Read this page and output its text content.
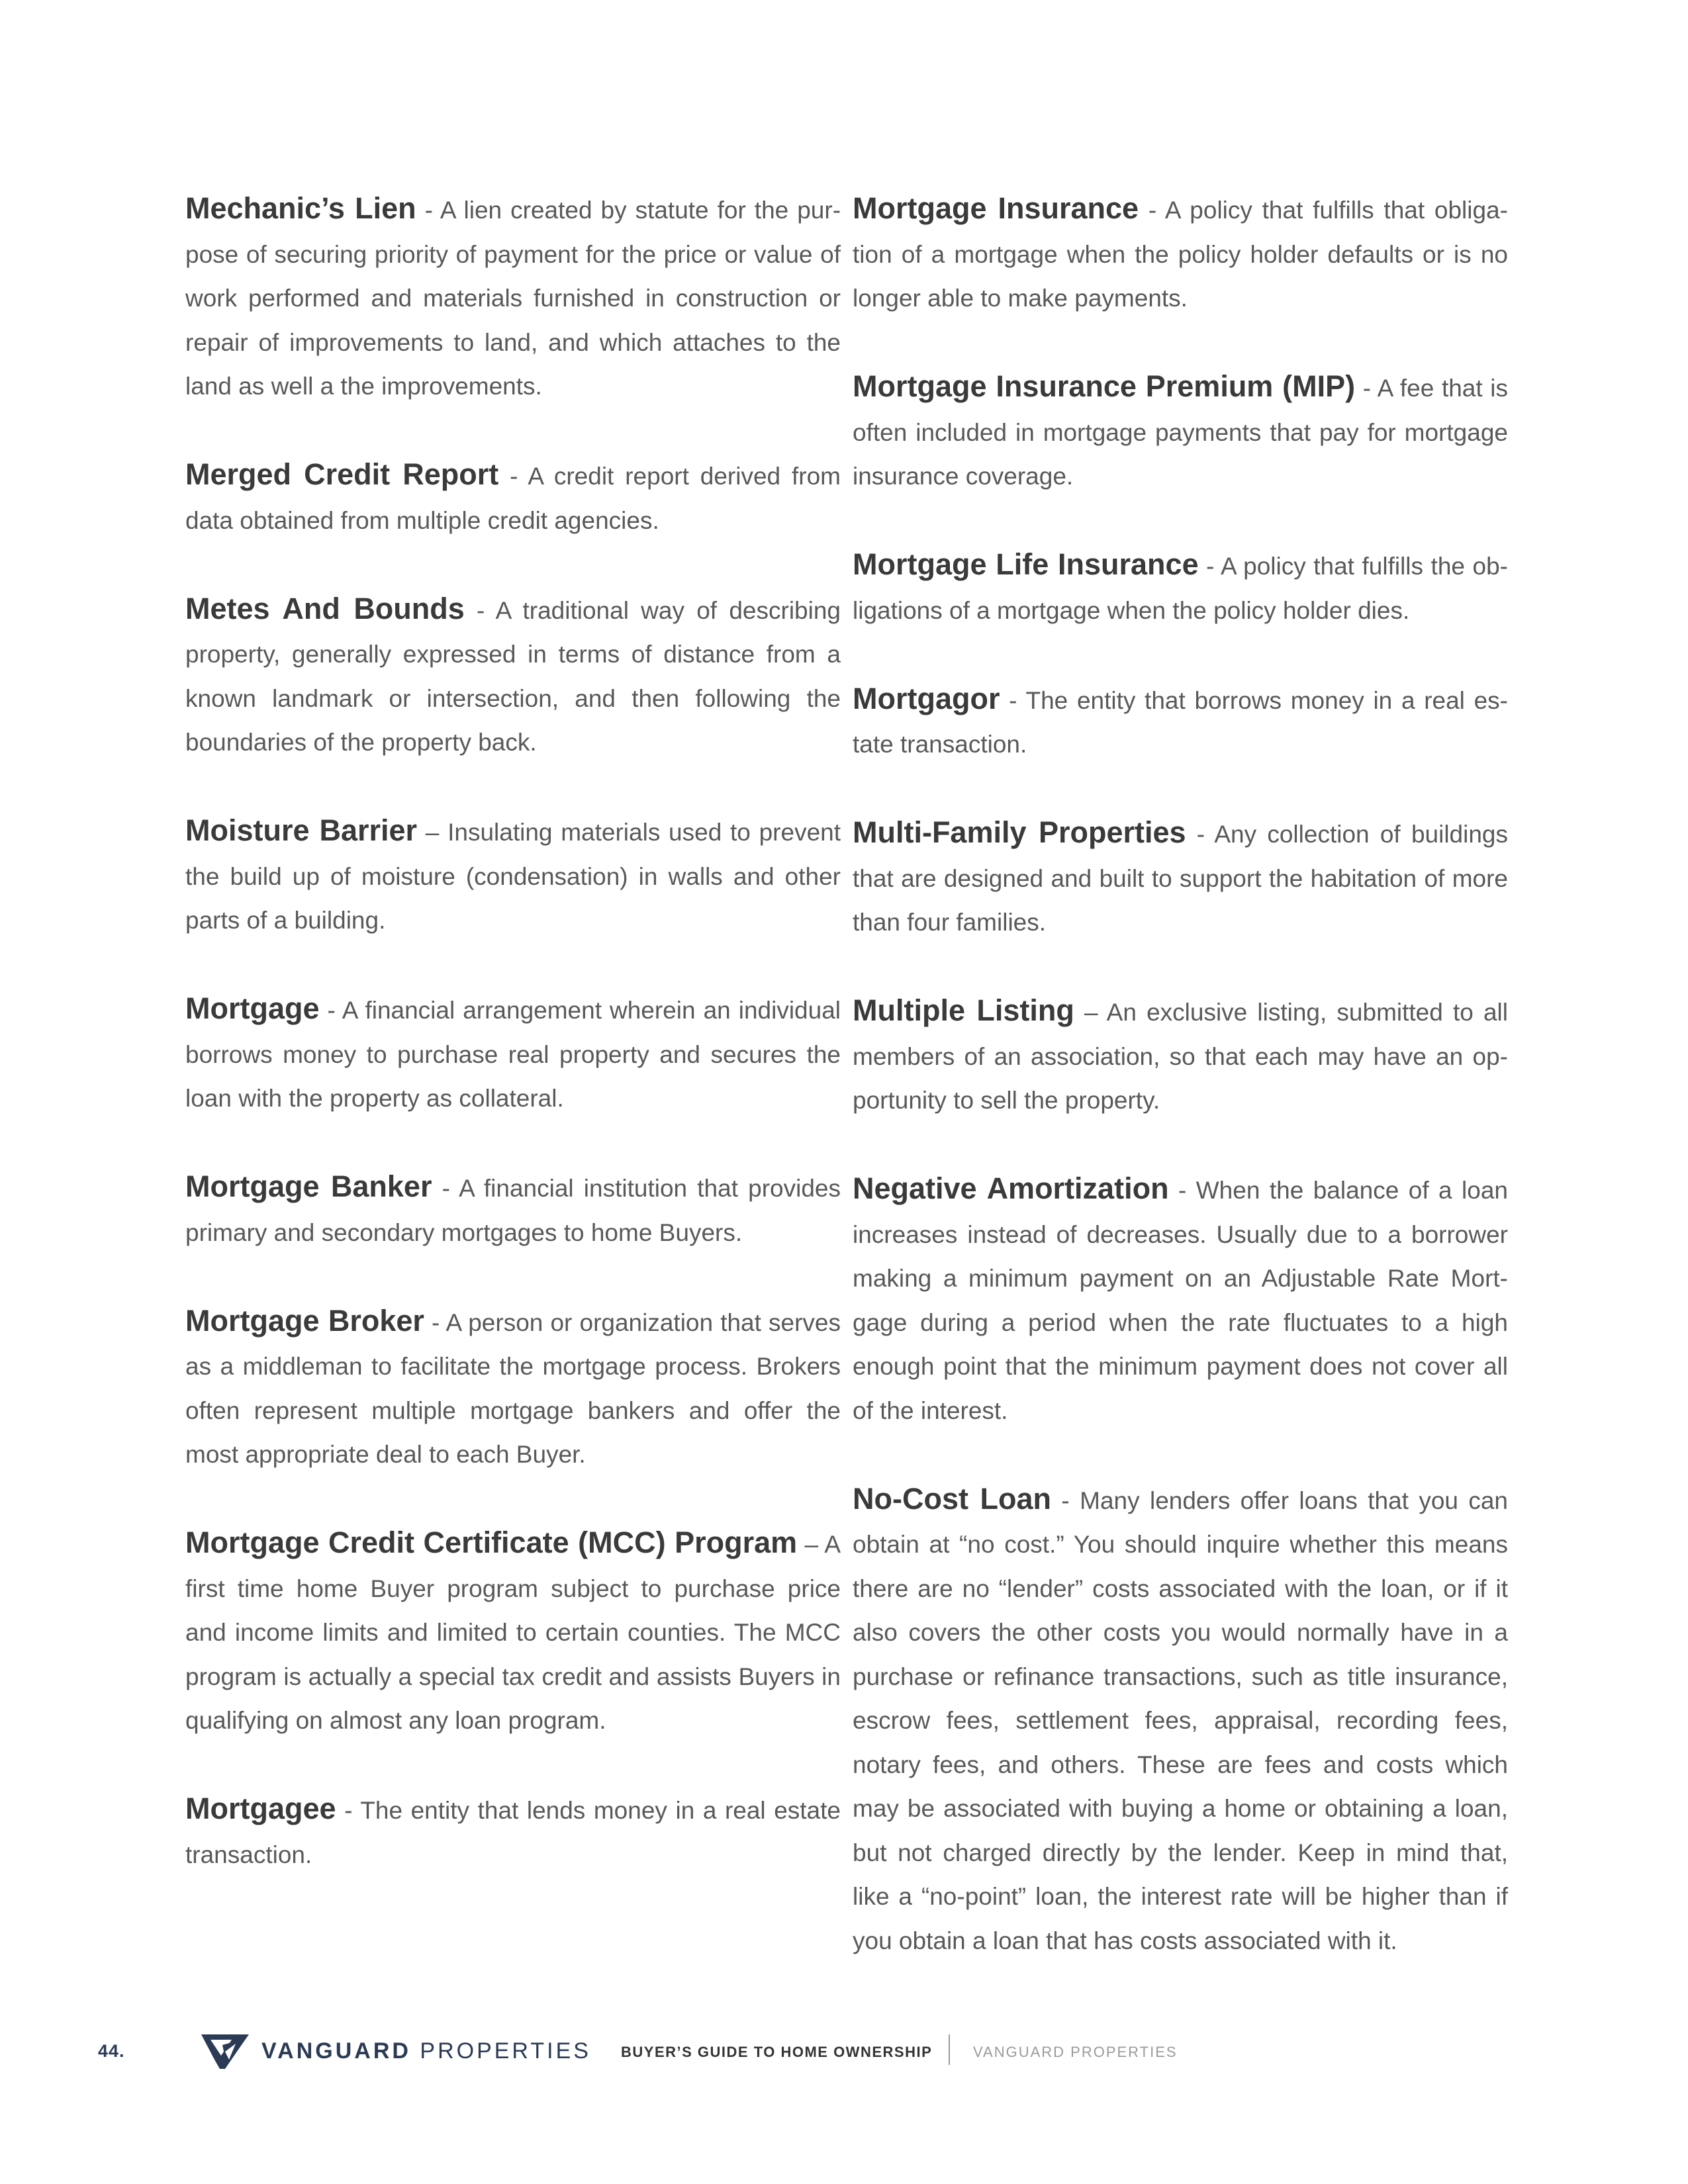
Mechanic’s Lien - A lien created by statute for the purpose of securing priority of payment for the price or value of work performed and materials furnished in construction or repair of improvements to land, and which attaches to the land as well a the improvements.

Merged Credit Report - A credit report derived from data obtained from multiple credit agencies.

Metes And Bounds - A traditional way of describing property, generally expressed in terms of distance from a known landmark or intersection, and then following the boundaries of the property back.

Moisture Barrier – Insulating materials used to prevent the build up of moisture (condensation) in walls and other parts of a building.

Mortgage - A financial arrangement wherein an individual borrows money to purchase real property and secures the loan with the property as collateral.

Mortgage Banker - A financial institution that provides primary and secondary mortgages to home Buyers.

Mortgage Broker - A person or organization that serves as a middleman to facilitate the mortgage process. Brokers often represent multiple mortgage bankers and offer the most appropriate deal to each Buyer.

Mortgage Credit Certificate (MCC) Program – A first time home Buyer program subject to purchase price and income limits and limited to certain counties. The MCC program is actually a special tax credit and assists Buyers in qualifying on almost any loan program.

Mortgagee - The entity that lends money in a real estate transaction.

Mortgage Insurance - A policy that fulfills that obligation of a mortgage when the policy holder defaults or is no longer able to make payments.

Mortgage Insurance Premium (MIP) - A fee that is often included in mortgage payments that pay for mortgage insurance coverage.

Mortgage Life Insurance - A policy that fulfills the obligations of a mortgage when the policy holder dies.

Mortgagor - The entity that borrows money in a real estate transaction.

Multi-Family Properties - Any collection of buildings that are designed and built to support the habitation of more than four families.

Multiple Listing – An exclusive listing, submitted to all members of an association, so that each may have an opportunity to sell the property.

Negative Amortization - When the balance of a loan increases instead of decreases. Usually due to a borrower making a minimum payment on an Adjustable Rate Mortgage during a period when the rate fluctuates to a high enough point that the minimum payment does not cover all of the interest.

No-Cost Loan - Many lenders offer loans that you can obtain at “no cost.” You should inquire whether this means there are no “lender” costs associated with the loan, or if it also covers the other costs you would normally have in a purchase or refinance transactions, such as title insurance, escrow fees, settlement fees, appraisal, recording fees, notary fees, and others. These are fees and costs which may be associated with buying a home or obtaining a loan, but not charged directly by the lender. Keep in mind that, like a “no-point” loan, the interest rate will be higher than if you obtain a loan that has costs associated with it.

44.	VANGUARD PROPERTIES BUYER’S GUIDE TO HOME OWNERSHIP	VANGUARD PROPERTIES
